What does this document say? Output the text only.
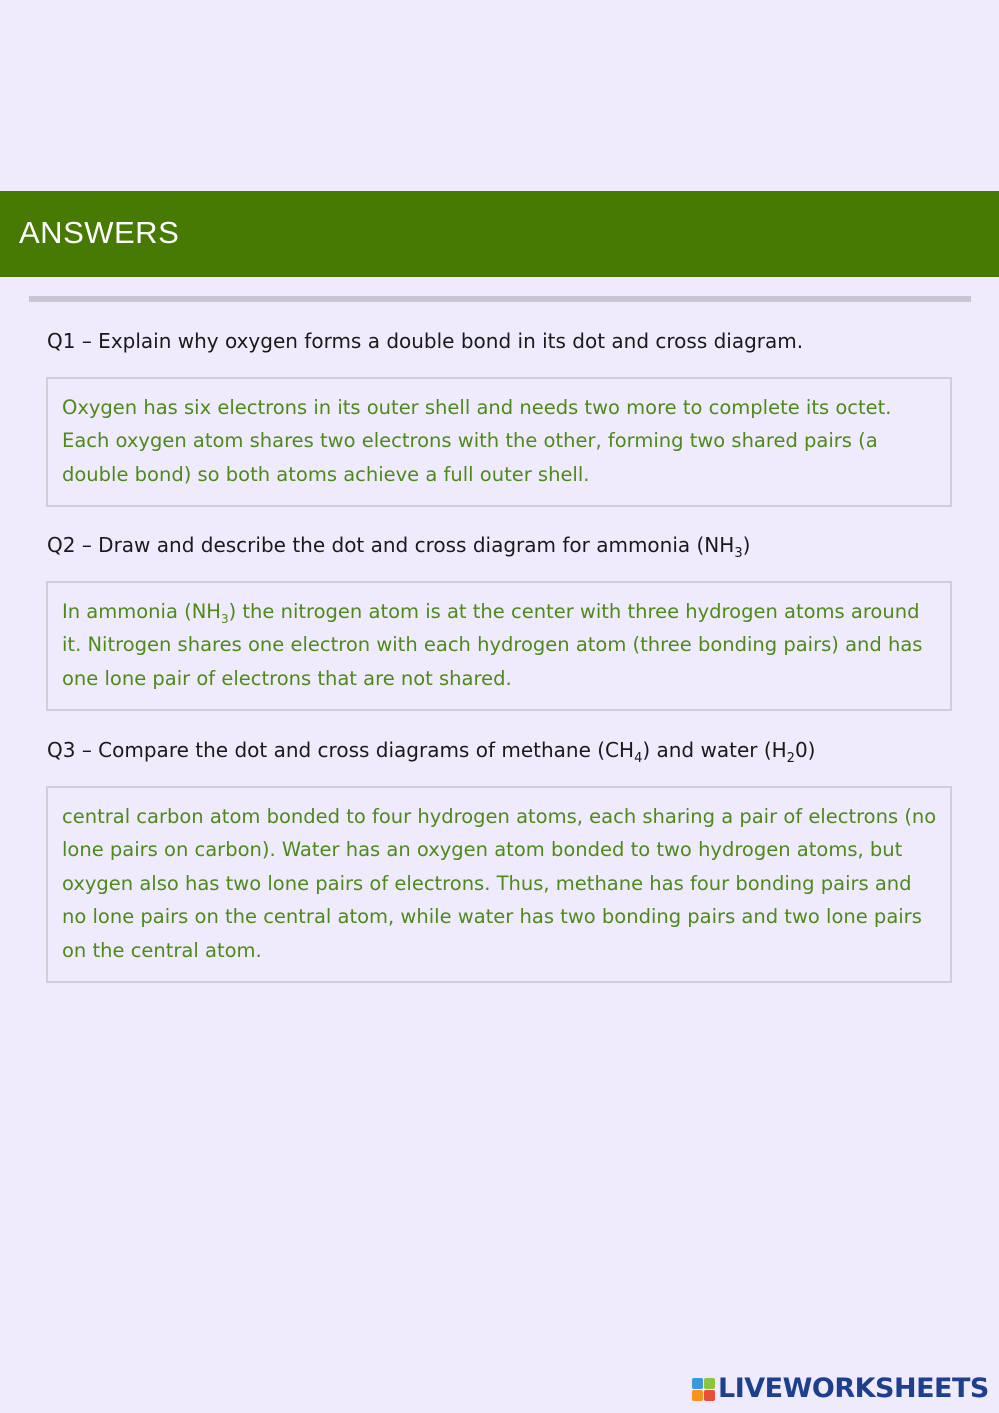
ANSWERS
Q1 – Explain why oxygen forms a double bond in its dot and cross diagram.

Oxygen has six electrons in its outer shell and needs two more to complete its octet. Each oxygen atom shares two electrons with the other, forming two shared pairs (a double bond) so both atoms achieve a full outer shell.

Q2 – Draw and describe the dot and cross diagram for ammonia $(NH_3)$

In ammonia $(NH_3)$ the nitrogen atom is at the center with three hydrogen atoms around it. Nitrogen shares one electron with each hydrogen atom (three bonding pairs) and has one lone pair of electrons that are not shared.

Q3 – Compare the dot and cross diagrams of methane $(CH_4)$ and water $(H_20)$

central carbon atom bonded to four hydrogen atoms, each sharing a pair of electrons (no lone pairs on carbon). Water has an oxygen atom bonded to two hydrogen atoms, but oxygen also has two lone pairs of electrons. Thus, methane has four bonding pairs and no lone pairs on the central atom, while water has two bonding pairs and two lone pairs on the central atom.

LIVEWORKSHEETS
